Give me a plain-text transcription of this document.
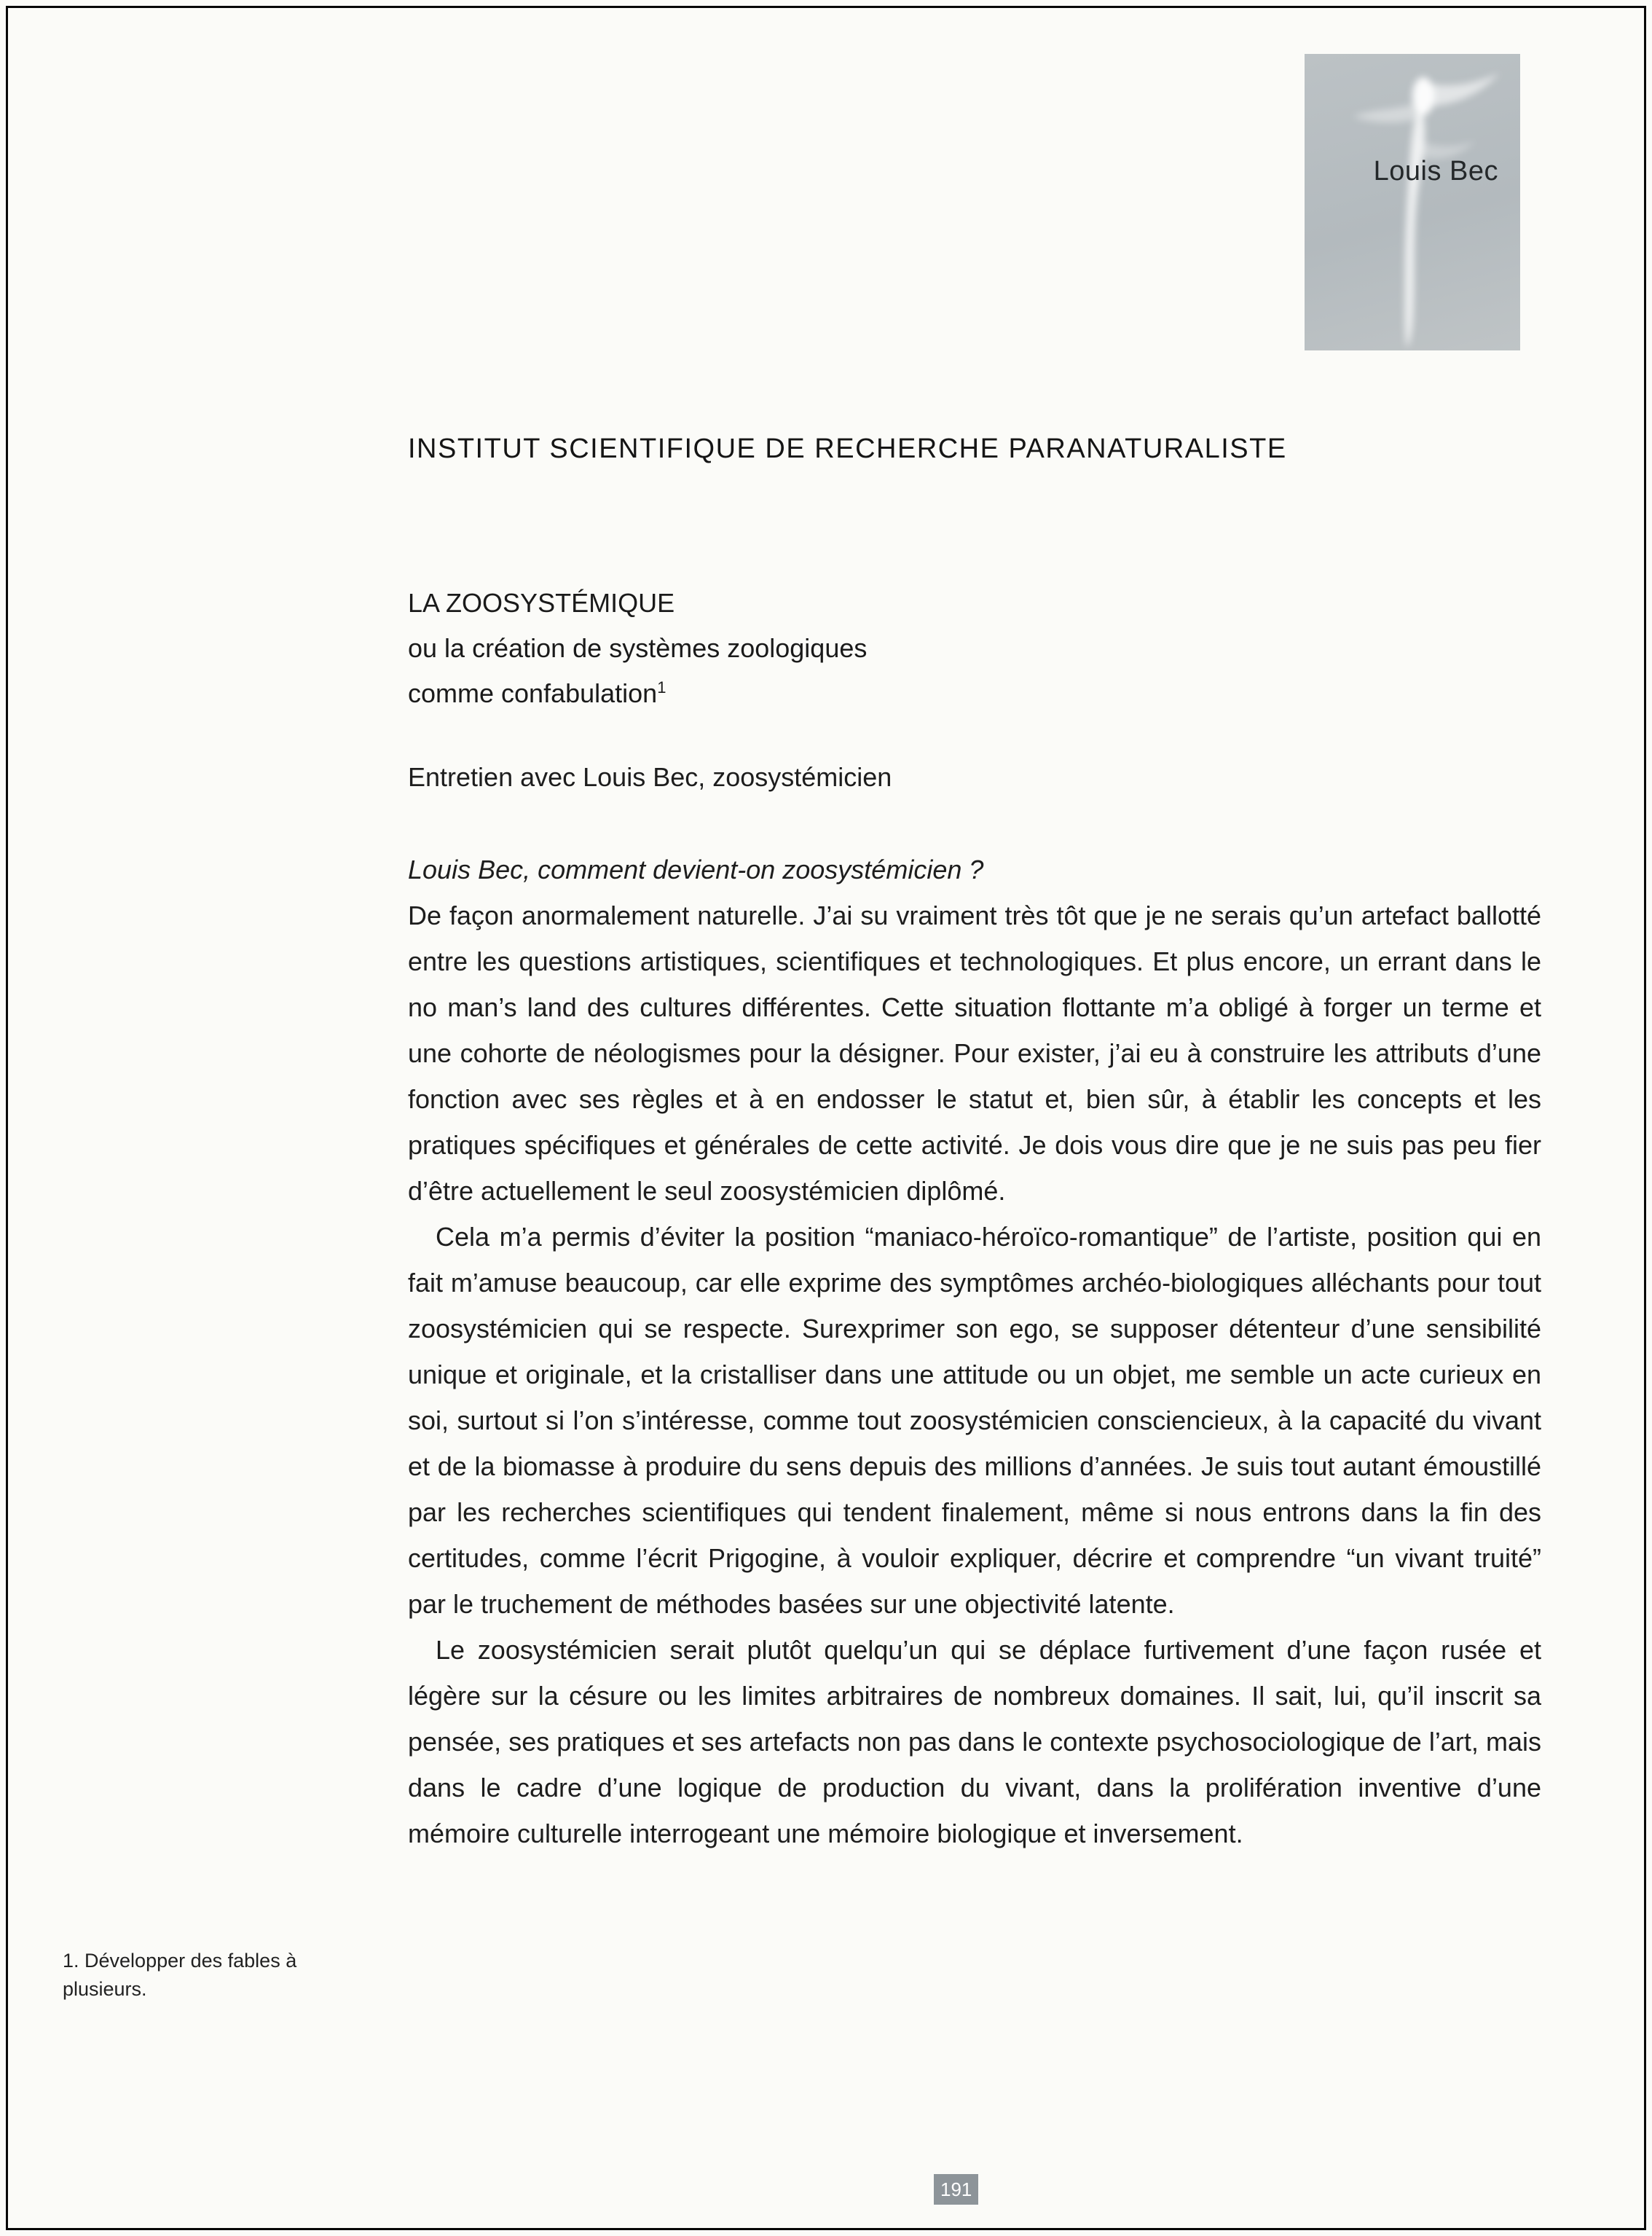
Louis Bec
INSTITUT SCIENTIFIQUE DE RECHERCHE PARANATURALISTE
LA ZOOSYSTÉMIQUE
ou la création de systèmes zoologiques
comme confabulation$^1$

Entretien avec Louis Bec, zoosystémicien

Louis Bec, comment devient-on zoosystémicien ?

De façon anormalement naturelle. J’ai su vraiment très tôt que je ne serais qu’un artefact ballotté entre les questions artistiques, scientifiques et technologiques. Et plus encore, un errant dans le no man’s land des cultures différentes. Cette situation flottante m’a obligé à forger un terme et une cohorte de néologismes pour la désigner. Pour exister, j’ai eu à construire les attributs d’une fonction avec ses règles et à en endosser le statut et, bien sûr, à établir les concepts et les pratiques spécifiques et générales de cette activité. Je dois vous dire que je ne suis pas peu fier d’être actuellement le seul zoosystémicien diplômé.

Cela m’a permis d’éviter la position “maniaco-héroïco-romantique” de l’artiste, position qui en fait m’amuse beaucoup, car elle exprime des symptômes archéo-biologiques alléchants pour tout zoosystémicien qui se respecte. Surexprimer son ego, se supposer détenteur d’une sensibilité unique et originale, et la cristalliser dans une attitude ou un objet, me semble un acte curieux en soi, surtout si l’on s’intéresse, comme tout zoosystémicien consciencieux, à la capacité du vivant et de la biomasse à produire du sens depuis des millions d’années. Je suis tout autant émoustillé par les recherches scientifiques qui tendent finalement, même si nous entrons dans la fin des certitudes, comme l’écrit Prigogine, à vouloir expliquer, décrire et comprendre “un vivant truité” par le truchement de méthodes basées sur une objectivité latente.

Le zoosystémicien serait plutôt quelqu’un qui se déplace furtivement d’une façon rusée et légère sur la césure ou les limites arbitraires de nombreux domaines. Il sait, lui, qu’il inscrit sa pensée, ses pratiques et ses artefacts non pas dans le contexte psychosociologique de l’art, mais dans le cadre d’une logique de production du vivant, dans la prolifération inventive d’une mémoire culturelle interrogeant une mémoire biologique et inversement.

1. Développer des fables à plusieurs.
191
